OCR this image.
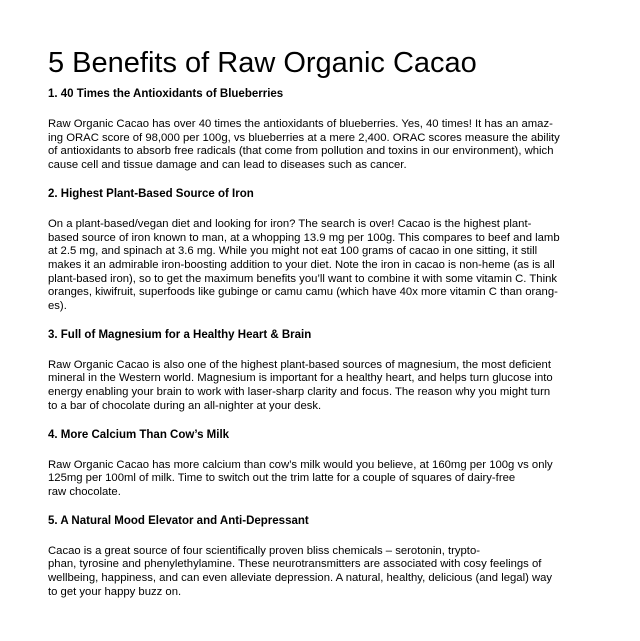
5 Benefits of Raw Organic Cacao
1. 40 Times the Antioxidants of Blueberries

Raw Organic Cacao has over 40 times the antioxidants of blueberries. Yes, 40 times! It has an amaz-
ing ORAC score of 98,000 per 100g, vs blueberries at a mere 2,400. ORAC scores measure the ability
of antioxidants to absorb free radicals (that come from pollution and toxins in our environment), which
cause cell and tissue damage and can lead to diseases such as cancer.

2. Highest Plant-Based Source of Iron

On a plant-based/vegan diet and looking for iron? The search is over! Cacao is the highest plant-
based source of iron known to man, at a whopping 13.9 mg per 100g. This compares to beef and lamb
at 2.5 mg, and spinach at 3.6 mg. While you might not eat 100 grams of cacao in one sitting, it still
makes it an admirable iron-boosting addition to your diet. Note the iron in cacao is non-heme (as is all
plant-based iron), so to get the maximum benefits you’ll want to combine it with some vitamin C. Think
oranges, kiwifruit, superfoods like gubinge or camu camu (which have 40x more vitamin C than orang-
es).

3. Full of Magnesium for a Healthy Heart & Brain

Raw Organic Cacao is also one of the highest plant-based sources of magnesium, the most deficient
mineral in the Western world. Magnesium is important for a healthy heart, and helps turn glucose into
energy enabling your brain to work with laser-sharp clarity and focus. The reason why you might turn
to a bar of chocolate during an all-nighter at your desk.

4. More Calcium Than Cow’s Milk

Raw Organic Cacao has more calcium than cow’s milk would you believe, at 160mg per 100g vs only
125mg per 100ml of milk. Time to switch out the trim latte for a couple of squares of dairy-free
raw chocolate.

5. A Natural Mood Elevator and Anti-Depressant

Cacao is a great source of four scientifically proven bliss chemicals – serotonin, trypto-
phan, tyrosine and phenylethylamine. These neurotransmitters are associated with cosy feelings of
wellbeing, happiness, and can even alleviate depression. A natural, healthy, delicious (and legal) way
to get your happy buzz on.
